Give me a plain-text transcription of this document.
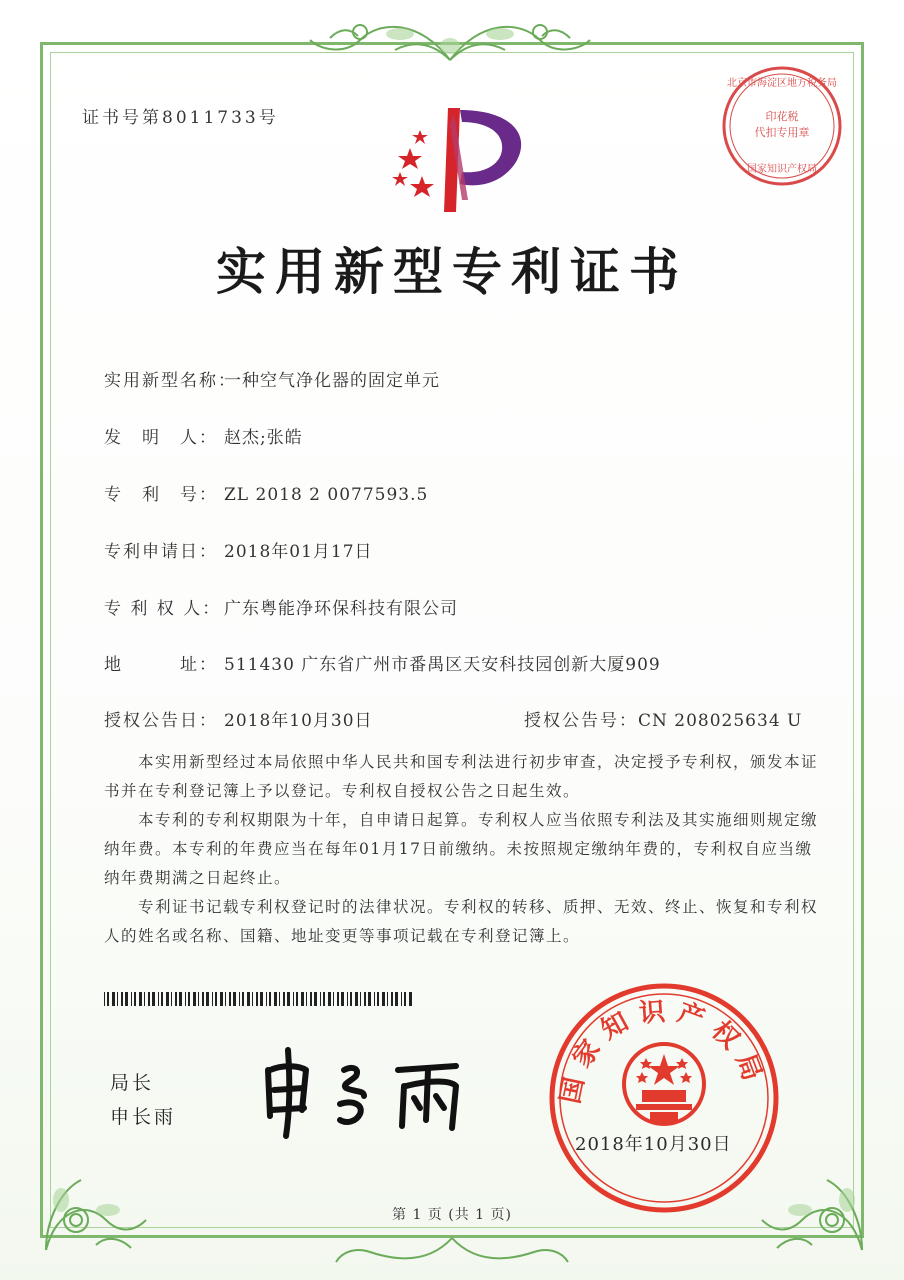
证书号第8011733号
北京市海淀区地方税务局
印花税
代扣专用章
国家知识产权局
实用新型专利证书
实用新型名称：一种空气净化器的固定单元
发　明　人： 赵杰;张皓
专　利　号： ZL 2018 2 0077593.5
专利申请日： 2018年01月17日
专 利 权 人： 广东粤能净环保科技有限公司
地　　　址： 511430 广东省广州市番禺区天安科技园创新大厦909
授权公告日： 2018年10月30日	授权公告号：CN 208025634 U

　　本实用新型经过本局依照中华人民共和国专利法进行初步审查，决定授予专利权，颁发本证书并在专利登记簿上予以登记。专利权自授权公告之日起生效。

　　本专利的专利权期限为十年，自申请日起算。专利权人应当依照专利法及其实施细则规定缴纳年费。本专利的年费应当在每年01月17日前缴纳。未按照规定缴纳年费的，专利权自应当缴纳年费期满之日起终止。

　　专利证书记载专利权登记时的法律状况。专利权的转移、质押、无效、终止、恢复和专利权人的姓名或名称、国籍、地址变更等事项记载在专利登记簿上。

局长
申长雨
国家知识产权局
2018年10月30日
第 1 页 (共 1 页)
